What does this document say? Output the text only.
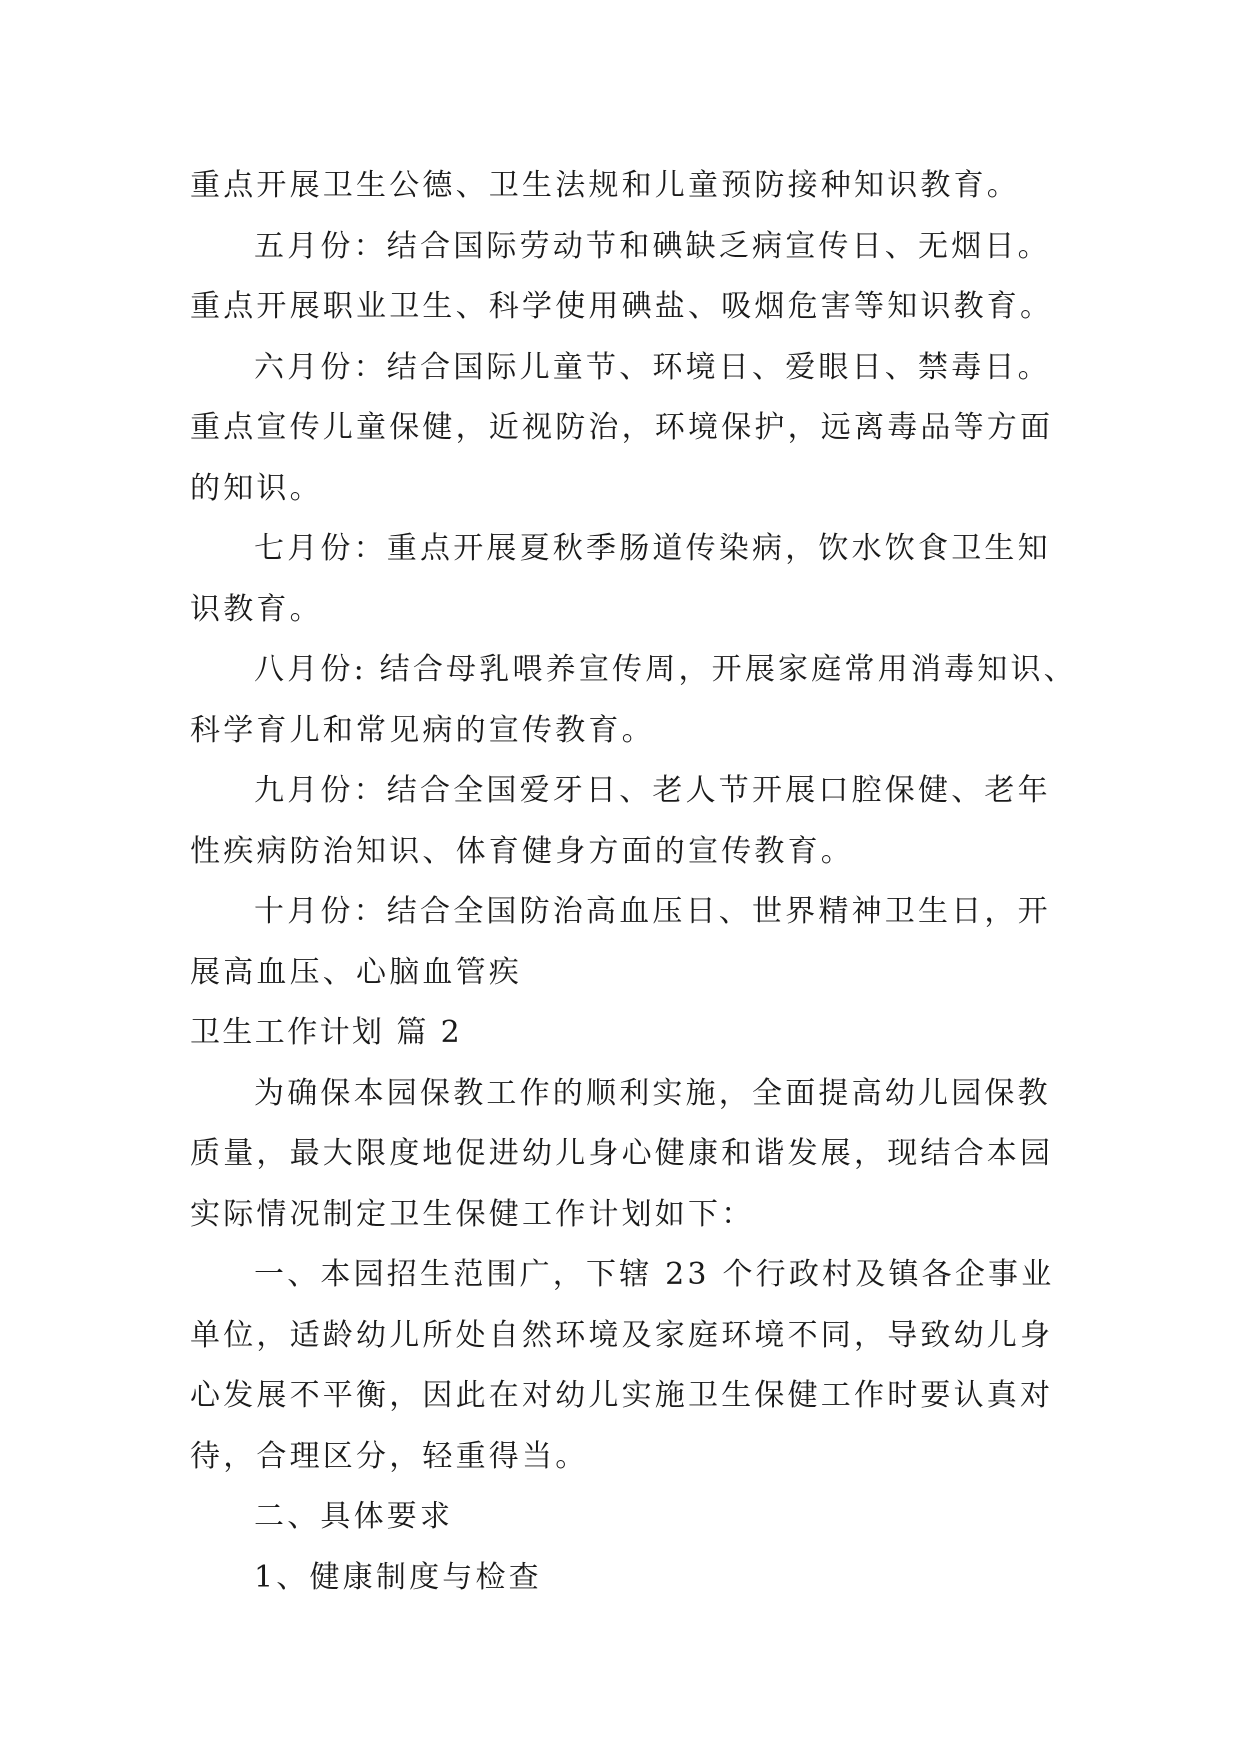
重点开展卫生公德、卫生法规和儿童预防接种知识教育。
五月份：结合国际劳动节和碘缺乏病宣传日、无烟日。
重点开展职业卫生、科学使用碘盐、吸烟危害等知识教育。
六月份：结合国际儿童节、环境日、爱眼日、禁毒日。
重点宣传儿童保健，近视防治，环境保护，远离毒品等方面
的知识。
七月份：重点开展夏秋季肠道传染病，饮水饮食卫生知
识教育。
八月份: 结合母乳喂养宣传周，开展家庭常用消毒知识、
科学育儿和常见病的宣传教育。
九月份：结合全国爱牙日、老人节开展口腔保健、老年
性疾病防治知识、体育健身方面的宣传教育。
十月份：结合全国防治高血压日、世界精神卫生日，开
展高血压、心脑血管疾
卫生工作计划 篇 2
为确保本园保教工作的顺利实施，全面提高幼儿园保教
质量，最大限度地促进幼儿身心健康和谐发展，现结合本园
实际情况制定卫生保健工作计划如下：
一、本园招生范围广，下辖 23 个行政村及镇各企事业
单位，适龄幼儿所处自然环境及家庭环境不同，导致幼儿身
心发展不平衡，因此在对幼儿实施卫生保健工作时要认真对
待，合理区分，轻重得当。
二、具体要求
1、健康制度与检查
